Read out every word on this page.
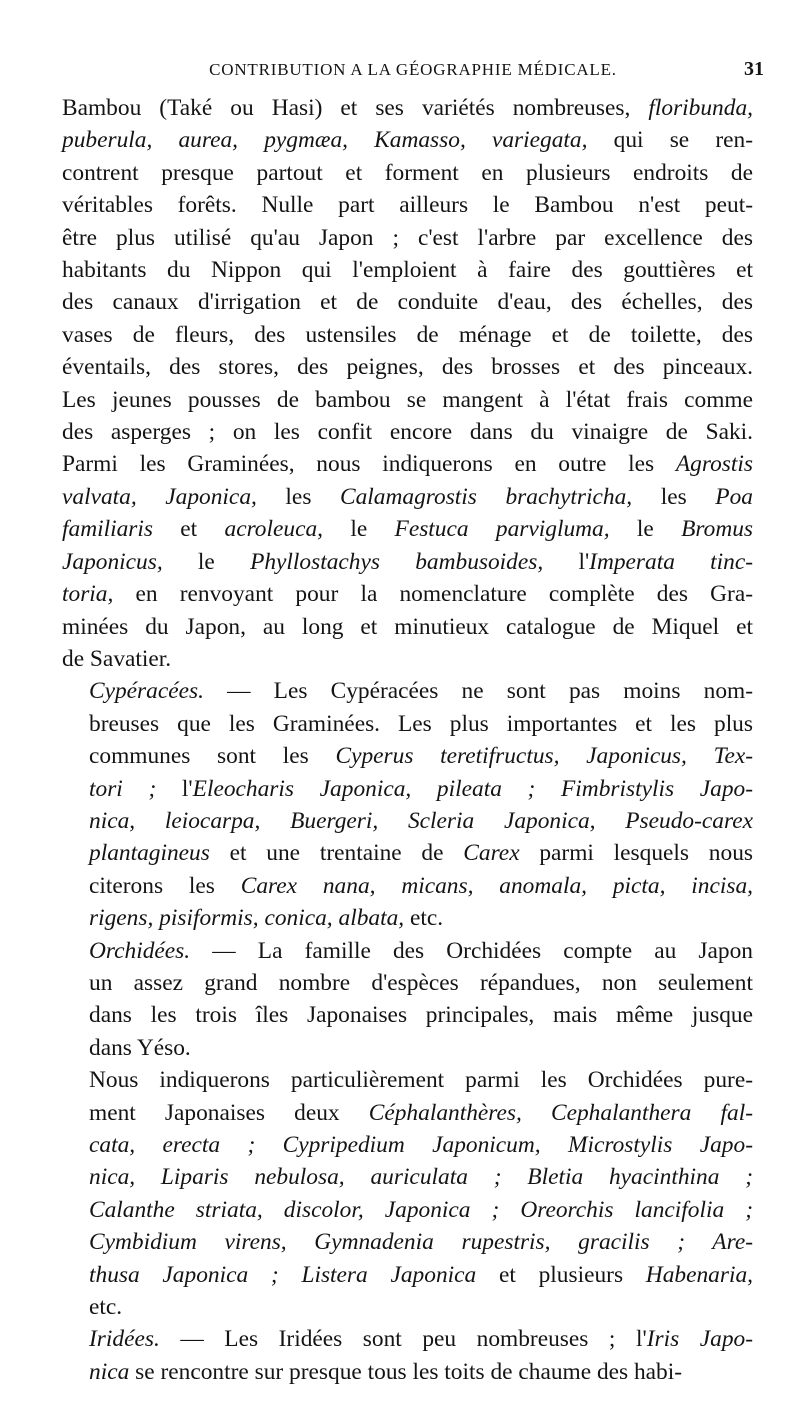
CONTRIBUTION A LA GÉOGRAPHIE MÉDICALE.	31

Bambou (Také ou Hasi) et ses variétés nombreuses, floribunda,
puberula, aurea, pygmæa, Kamasso, variegata, qui se ren-
contrent presque partout et forment en plusieurs endroits de
véritables forêts. Nulle part ailleurs le Bambou n'est peut-
être plus utilisé qu'au Japon ; c'est l'arbre par excellence des
habitants du Nippon qui l'emploient à faire des gouttières et
des canaux d'irrigation et de conduite d'eau, des échelles, des
vases de fleurs, des ustensiles de ménage et de toilette, des
éventails, des stores, des peignes, des brosses et des pinceaux.
Les jeunes pousses de bambou se mangent à l'état frais comme
des asperges ; on les confit encore dans du vinaigre de Saki.
Parmi les Graminées, nous indiquerons en outre les Agrostis
valvata, Japonica, les Calamagrostis brachytricha, les Poa
familiaris et acroleuca, le Festuca parvigluma, le Bromus
Japonicus, le Phyllostachys bambusoides, l'Imperata tinc-
toria, en renvoyant pour la nomenclature complète des Gra-
minées du Japon, au long et minutieux catalogue de Miquel et
de Savatier.

Cypéracées. — Les Cypéracées ne sont pas moins nom-
breuses que les Graminées. Les plus importantes et les plus
communes sont les Cyperus teretifructus, Japonicus, Tex-
tori ; l'Eleocharis Japonica, pileata ; Fimbristylis Japo-
nica, leiocarpa, Buergeri, Scleria Japonica, Pseudo-carex
plantagineus et une trentaine de Carex parmi lesquels nous
citerons les Carex nana, micans, anomala, picta, incisa,
rigens, pisiformis, conica, albata, etc.

Orchidées. — La famille des Orchidées compte au Japon
un assez grand nombre d'espèces répandues, non seulement
dans les trois îles Japonaises principales, mais même jusque
dans Yéso.

Nous indiquerons particulièrement parmi les Orchidées pure-
ment Japonaises deux Céphalanthères, Cephalanthera fal-
cata, erecta ; Cypripedium Japonicum, Microstylis Japo-
nica, Liparis nebulosa, auriculata ; Bletia hyacinthina ;
Calanthe striata, discolor, Japonica ; Oreorchis lancifolia ;
Cymbidium virens, Gymnadenia rupestris, gracilis ; Are-
thusa Japonica ; Listera Japonica et plusieurs Habenaria,
etc.

Iridées. — Les Iridées sont peu nombreuses ; l'Iris Japo-
nica se rencontre sur presque tous les toits de chaume des habi-
